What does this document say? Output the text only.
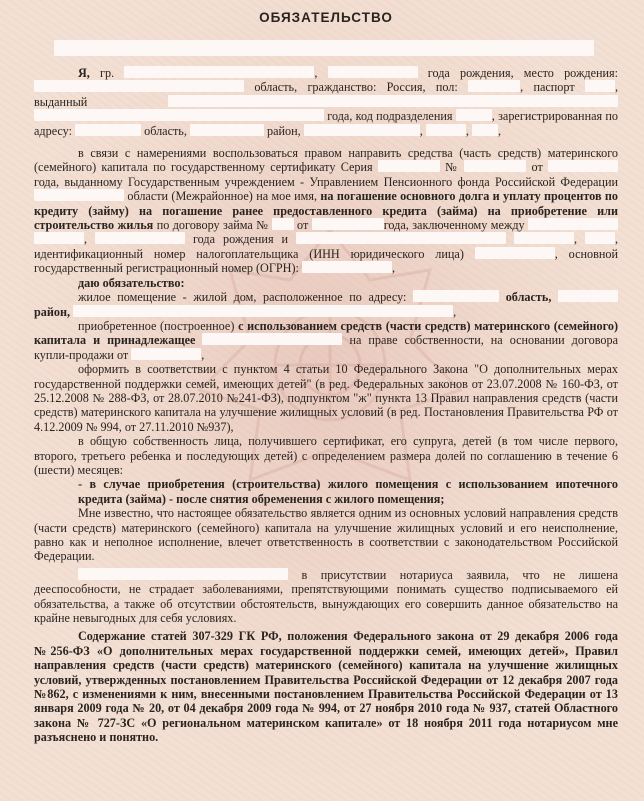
ОБЯЗАТЕЛЬСТВО

Я, гр.	,	года рождения, место рождения:  область, гражданство: Россия, пол:	, паспорт	, выданный   года, код подразделения	, зарегистрированная по адресу:	область,	район,	,	, ,

в связи с намерениями воспользоваться правом направить средства (часть средств) материнского (семейного) капитала по государственному сертификату Серия	№	от  года, выданному Государственным учреждением - Управлением Пенсионного фонда Российской Федерации  области (Межрайонное) на мое имя, на погашение основного долга и уплату процентов по кредиту (займу) на погашение ранее предоставленного кредита (займа) на приобретение или строительство жилья по договору займа № от	года, заключенному между  ,	года рождения и	,	, идентификационный номер налогоплательщика (ИНН юридического лица)	, основной государственный регистрационный номер (ОГРН):	,

даю обязательство:

жилое помещение - жилой дом, расположенное по адресу:	область,  район,	,

приобретенное (построенное) с использованием средств (части средств) материнского (семейного) капитала и принадлежащее	на праве собственности, на основании договора купли-продажи от	,

оформить в соответствии с пунктом 4 статьи 10 Федерального Закона "О дополнительных мерах государственной поддержки семей, имеющих детей" (в ред. Федеральных законов от 23.07.2008 № 160-ФЗ, от 25.12.2008 № 288-ФЗ, от 28.07.2010 №241-ФЗ), подпунктом "ж" пункта 13 Правил направления средств (части средств) материнского капитала на улучшение жилищных условий (в ред. Постановления Правительства РФ от 4.12.2009 № 994, от 27.11.2010 №937),

в общую собственность лица, получившего сертификат, его супруга, детей (в том числе первого, второго, третьего ребенка и последующих детей) с определением размера долей по соглашению в течение 6 (шести) месяцев:

- в случае приобретения (строительства) жилого помещения с использованием ипотечного кредита (займа) - после снятия обременения с жилого помещения;

Мне известно, что настоящее обязательство является одним из основных условий направления средств (части средств) материнского (семейного) капитала на улучшение жилищных условий и его неисполнение, равно как и неполное исполнение, влечет ответственность в соответствии с законодательством Российской Федерации.

в присутствии нотариуса заявила, что не лишена дееспособности, не страдает заболеваниями, препятствующими понимать существо подписываемого ей обязательства, а также об отсутствии обстоятельств, вынуждающих его совершить данное обязательство на крайне невыгодных для себя условиях.

Содержание статей 307-329 ГК РФ, положения Федерального закона от 29 декабря 2006 года №256-ФЗ «О дополнительных мерах государственной поддержки семей, имеющих детей», Правил направления средств (части средств) материнского (семейного) капитала на улучшение жилищных условий, утвержденных постановлением Правительства Российской Федерации от 12 декабря 2007 года №862, с изменениями к ним, внесенными постановлением Правительства Российской Федерации от 13 января 2009 года № 20, от 04 декабря 2009 года № 994, от 27 ноября 2010 года № 937, статей Областного закона № 727-ЗС «О региональном материнском капитале» от 18 ноября 2011 года нотариусом мне разъяснено и понятно.
